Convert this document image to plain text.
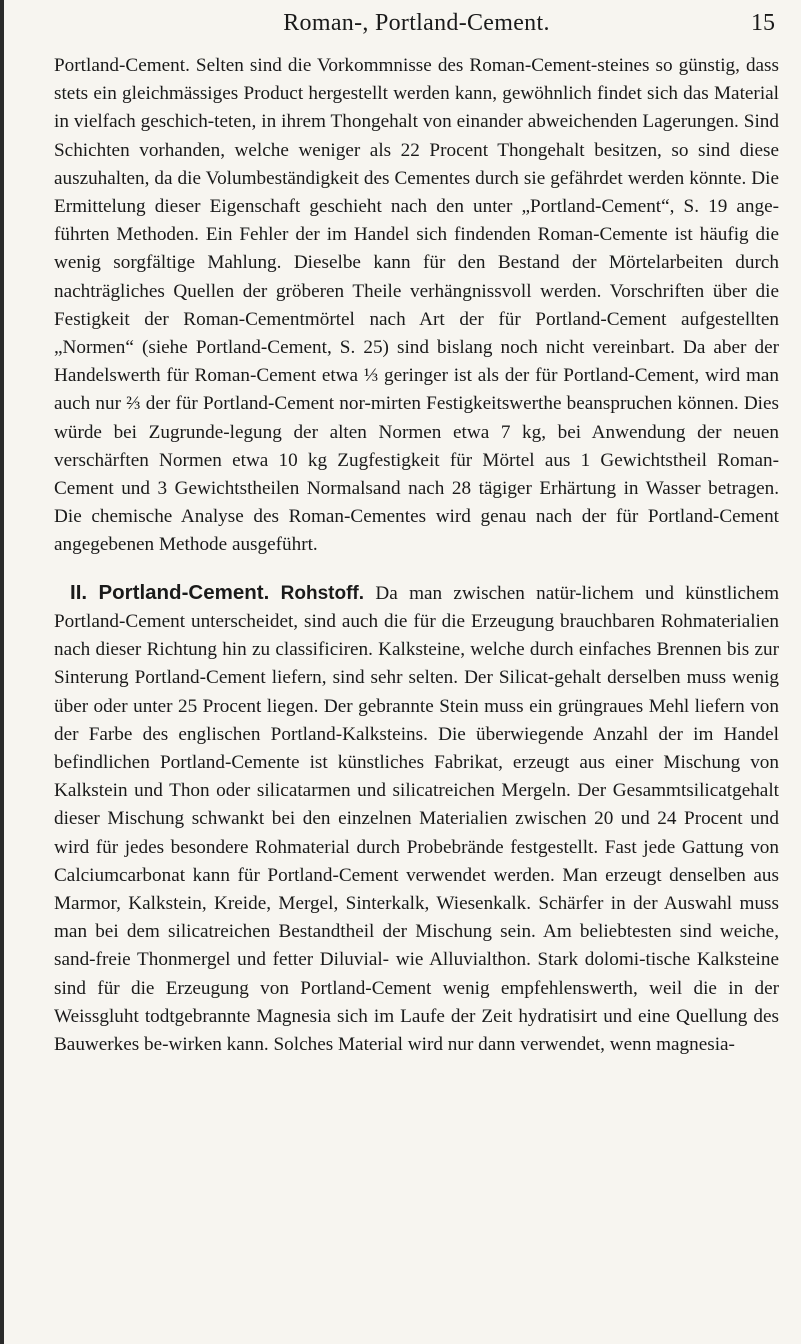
Roman-, Portland-Cement.	15

Portland-Cement. Selten sind die Vorkommnisse des Roman-Cement-steines so günstig, dass stets ein gleichmässiges Product hergestellt werden kann, gewöhnlich findet sich das Material in vielfach geschich-teten, in ihrem Thongehalt von einander abweichenden Lagerungen. Sind Schichten vorhanden, welche weniger als 22 Procent Thongehalt besitzen, so sind diese auszuhalten, da die Volumbeständigkeit des Cementes durch sie gefährdet werden könnte. Die Ermittelung dieser Eigenschaft geschieht nach den unter „Portland-Cement“, S. 19 ange-führten Methoden. Ein Fehler der im Handel sich findenden Roman-Cemente ist häufig die wenig sorgfältige Mahlung. Dieselbe kann für den Bestand der Mörtelarbeiten durch nachträgliches Quellen der gröberen Theile verhängnissvoll werden. Vorschriften über die Festigkeit der Roman-Cementmörtel nach Art der für Portland-Cement aufgestellten „Normen“ (siehe Portland-Cement, S. 25) sind bislang noch nicht vereinbart. Da aber der Handelswerth für Roman-Cement etwa ⅓ geringer ist als der für Portland-Cement, wird man auch nur ⅔ der für Portland-Cement nor-mirten Festigkeitswerthe beanspruchen können. Dies würde bei Zugrunde-legung der alten Normen etwa 7 kg, bei Anwendung der neuen verschärften Normen etwa 10 kg Zugfestigkeit für Mörtel aus 1 Gewichtstheil Roman-Cement und 3 Gewichtstheilen Normalsand nach 28 tägiger Erhärtung in Wasser betragen. Die chemische Analyse des Roman-Cementes wird genau nach der für Portland-Cement angegebenen Methode ausgeführt.

II. Portland-Cement. Rohstoff. Da man zwischen natür-lichem und künstlichem Portland-Cement unterscheidet, sind auch die für die Erzeugung brauchbaren Rohmaterialien nach dieser Richtung hin zu classificiren. Kalksteine, welche durch einfaches Brennen bis zur Sinterung Portland-Cement liefern, sind sehr selten. Der Silicat-gehalt derselben muss wenig über oder unter 25 Procent liegen. Der gebrannte Stein muss ein grüngraues Mehl liefern von der Farbe des englischen Portland-Kalksteins. Die überwiegende Anzahl der im Handel befindlichen Portland-Cemente ist künstliches Fabrikat, erzeugt aus einer Mischung von Kalkstein und Thon oder silicatarmen und silicatreichen Mergeln. Der Gesammtsilicatgehalt dieser Mischung schwankt bei den einzelnen Materialien zwischen 20 und 24 Procent und wird für jedes besondere Rohmaterial durch Probebrände festgestellt. Fast jede Gattung von Calciumcarbonat kann für Portland-Cement verwendet werden. Man erzeugt denselben aus Marmor, Kalkstein, Kreide, Mergel, Sinterkalk, Wiesenkalk. Schärfer in der Auswahl muss man bei dem silicatreichen Bestandtheil der Mischung sein. Am beliebtesten sind weiche, sand-freie Thonmergel und fetter Diluvial- wie Alluvialthon. Stark dolomi-tische Kalksteine sind für die Erzeugung von Portland-Cement wenig empfehlenswerth, weil die in der Weissgluht todtgebrannte Magnesia sich im Laufe der Zeit hydratisirt und eine Quellung des Bauwerkes be-wirken kann. Solches Material wird nur dann verwendet, wenn magnesia-
